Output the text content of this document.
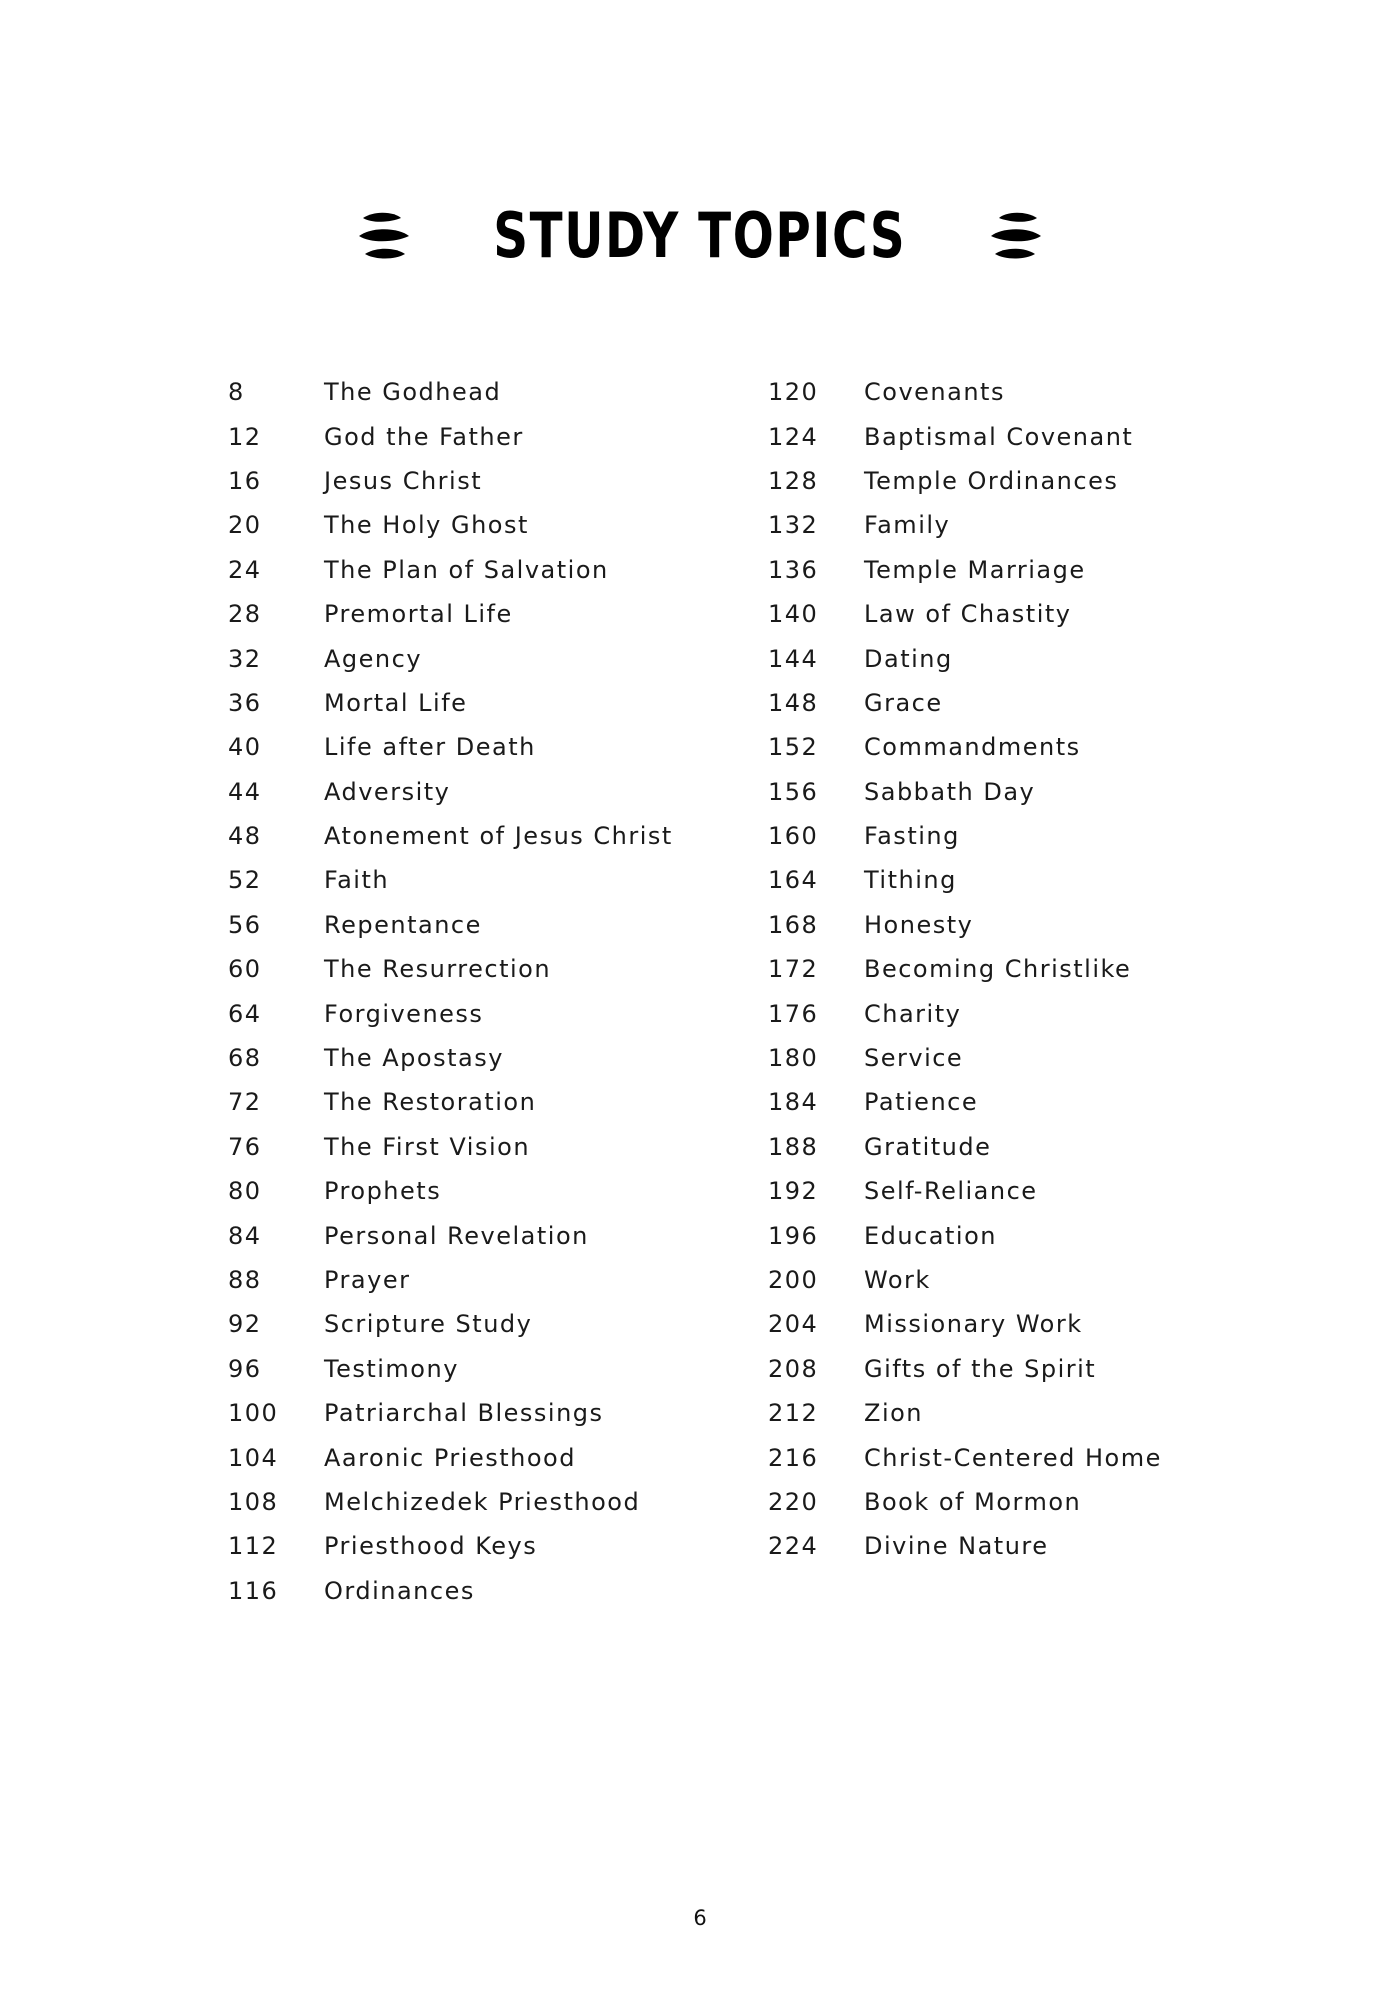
STUDY TOPICS
8	The Godhead
12	God the Father
16	Jesus Christ
20	The Holy Ghost
24	The Plan of Salvation
28	Premortal Life
32	Agency
36	Mortal Life
40	Life after Death
44	Adversity
48	Atonement of Jesus Christ
52	Faith
56	Repentance
60	The Resurrection
64	Forgiveness
68	The Apostasy
72	The Restoration
76	The First Vision
80	Prophets
84	Personal Revelation
88	Prayer
92	Scripture Study
96	Testimony
100	Patriarchal Blessings
104	Aaronic Priesthood
108	Melchizedek Priesthood
112	Priesthood Keys
116	Ordinances
120	Covenants
124	Baptismal Covenant
128	Temple Ordinances
132	Family
136	Temple Marriage
140	Law of Chastity
144	Dating
148	Grace
152	Commandments
156	Sabbath Day
160	Fasting
164	Tithing
168	Honesty
172	Becoming Christlike
176	Charity
180	Service
184	Patience
188	Gratitude
192	Self-Reliance
196	Education
200	Work
204	Missionary Work
208	Gifts of the Spirit
212	Zion
216	Christ-Centered Home
220	Book of Mormon
224	Divine Nature
6
